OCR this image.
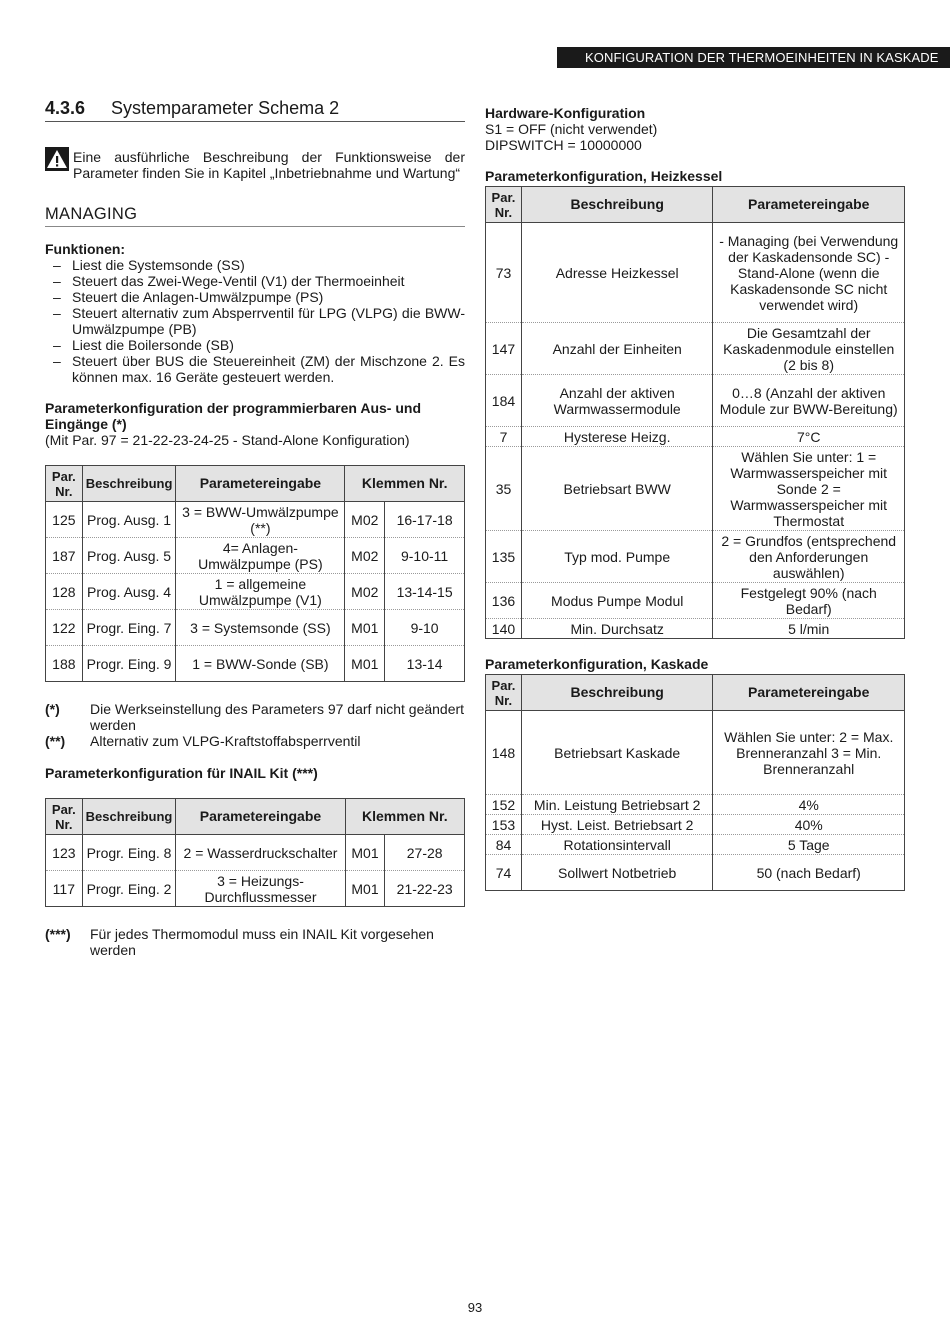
KONFIGURATION DER THERMOEINHEITEN IN KASKADE
4.3.6 Systemparameter Schema 2
Eine ausführliche Beschreibung der Funktionsweise der Parameter finden Sie in Kapitel „Inbetriebnahme und Wartung“
MANAGING
Funktionen:
– Liest die Systemsonde (SS)
– Steuert das Zwei-Wege-Ventil (V1) der Thermoeinheit
– Steuert die Anlagen-Umwälzpumpe (PS)
– Steuert alternativ zum Absperrventil für LPG (VLPG) die BWW-Umwälzpumpe (PB)
– Liest die Boilersonde (SB)
– Steuert über BUS die Steuereinheit (ZM) der Mischzone 2. Es können max. 16 Geräte gesteuert werden.
Parameterkonfiguration der programmierbaren Aus- und Eingänge (*)
(Mit Par. 97 = 21-22-23-24-25 - Stand-Alone Konfiguration)
Par. Nr.	Beschreibung	Parametereingabe	Klemmen Nr.	
125	Prog. Ausg. 1	3 = BWW-Umwälzpumpe (**)	M02	16-17-18
187	Prog. Ausg. 5	4= Anlagen-Umwälzpumpe (PS)	M02	9-10-11
128	Prog. Ausg. 4	1 = allgemeine Umwälzpumpe (V1)	M02	13-14-15
122	Progr. Eing. 7	3 = Systemsonde (SS)	M01	9-10
188	Progr. Eing. 9	1 = BWW-Sonde (SB)	M01	13-14
(*)	Die Werkseinstellung des Parameters 97 darf nicht geändert werden
(**)	Alternativ zum VLPG-Kraftstoffabsperrventil
Parameterkonfiguration für INAIL Kit (***)
Par. Nr.	Beschreibung	Parametereingabe	Klemmen Nr.	
123	Progr. Eing. 8	2 = Wasserdruckschalter	M01	27-28
117	Progr. Eing. 2	3 = Heizungs-Durchflussmesser	M01	21-22-23
(***)	Für jedes Thermomodul muss ein INAIL Kit vorgesehen werden
Hardware-Konfiguration
S1 = OFF (nicht verwendet)
DIPSWITCH = 10000000
Parameterkonfiguration, Heizkessel
Par. Nr.	Beschreibung	Parametereingabe
73	Adresse Heizkessel	- Managing (bei Verwendung der Kaskadensonde SC) - Stand-Alone (wenn die Kaskadensonde SC nicht verwendet wird)
147	Anzahl der Einheiten	Die Gesamtzahl der Kaskadenmodule einstellen (2 bis 8)
184	Anzahl der aktiven Warmwassermodule	0…8 (Anzahl der aktiven Module zur BWW-Bereitung)
7	Hysterese Heizg.	7°C
35	Betriebsart BWW	Wählen Sie unter: 1 = Warmwasserspeicher mit Sonde 2 = Warmwasserspeicher mit Thermostat
135	Typ mod. Pumpe	2 = Grundfos (entsprechend den Anforderungen auswählen)
136	Modus Pumpe Modul	Festgelegt 90% (nach Bedarf)
140	Min. Durchsatz	5 l/min
Parameterkonfiguration, Kaskade
Par. Nr.	Beschreibung	Parametereingabe
148	Betriebsart Kaskade	Wählen Sie unter: 2 = Max. Brenneranzahl 3 = Min. Brenneranzahl
152	Min. Leistung Betriebsart 2	4%
153	Hyst. Leist. Betriebsart 2	40%
84	Rotationsintervall	5 Tage
74	Sollwert Notbetrieb	50 (nach Bedarf)
93
